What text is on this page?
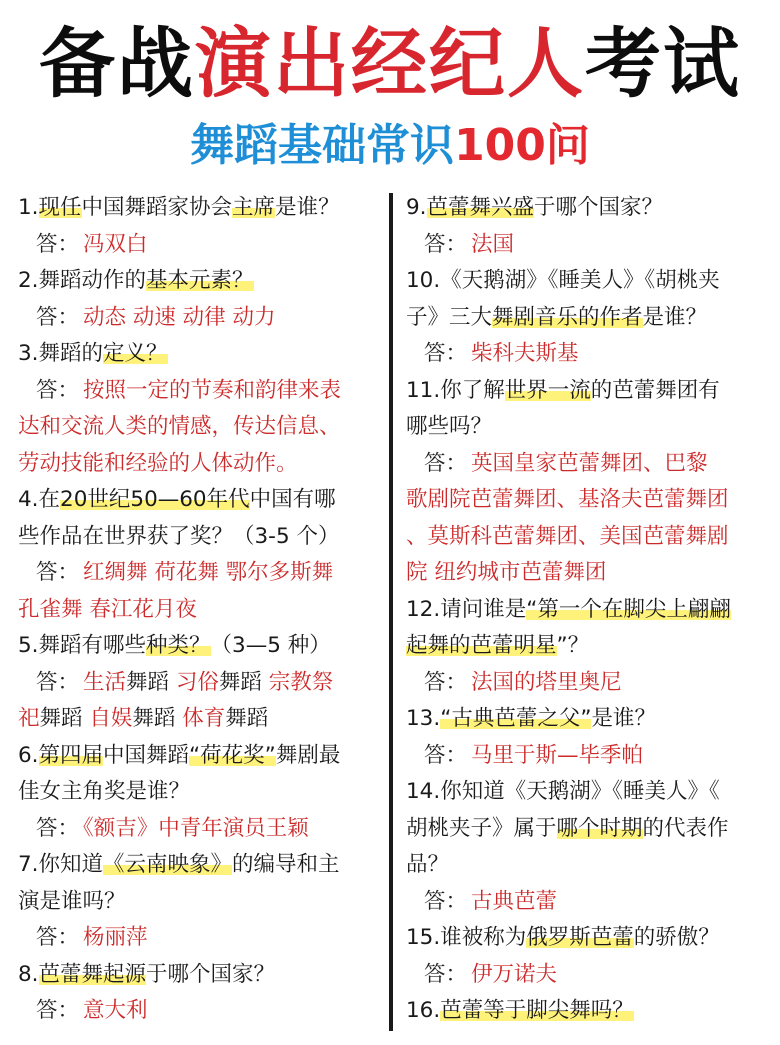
备战演出经纪人考试
舞蹈基础常识100问
1.现任中国舞蹈家协会主席是谁？
答： 冯双白
2.舞蹈动作的基本元素？
答： 动态 动速 动律 动力
3.舞蹈的定义？
答： 按照一定的节奏和韵律来表
达和交流人类的情感，传达信息、
劳动技能和经验的人体动作。
4.在20世纪50—60年代中国有哪
些作品在世界获了奖？（3-5 个）
答： 红绸舞 荷花舞 鄂尔多斯舞
孔雀舞 春江花月夜
5.舞蹈有哪些种类？（3—5 种）
答： 生活舞蹈 习俗舞蹈 宗教祭
祀舞蹈 自娱舞蹈 体育舞蹈
6.第四届中国舞蹈“荷花奖”舞剧最
佳女主角奖是谁？
答： 《额吉》中青年演员王颖
7.你知道《云南映象》的编导和主
演是谁吗？
答： 杨丽萍
8.芭蕾舞起源于哪个国家？
答： 意大利
9.芭蕾舞兴盛于哪个国家？
答： 法国
10.《天鹅湖》《睡美人》《胡桃夹
子》三大舞剧音乐的作者是谁？
答： 柴科夫斯基
11.你了解世界一流的芭蕾舞团有
哪些吗？
答： 英国皇家芭蕾舞团、巴黎
歌剧院芭蕾舞团、基洛夫芭蕾舞团
、莫斯科芭蕾舞团、美国芭蕾舞剧
院 纽约城市芭蕾舞团
12.请问谁是“第一个在脚尖上翩翩
起舞的芭蕾明星”？
答： 法国的塔里奥尼
13.“古典芭蕾之父”是谁？
答： 马里于斯—毕季帕
14.你知道《天鹅湖》《睡美人》《
胡桃夹子》属于哪个时期的代表作
品？
答： 古典芭蕾
15.谁被称为俄罗斯芭蕾的骄傲？
答： 伊万诺夫
16.芭蕾等于脚尖舞吗？
